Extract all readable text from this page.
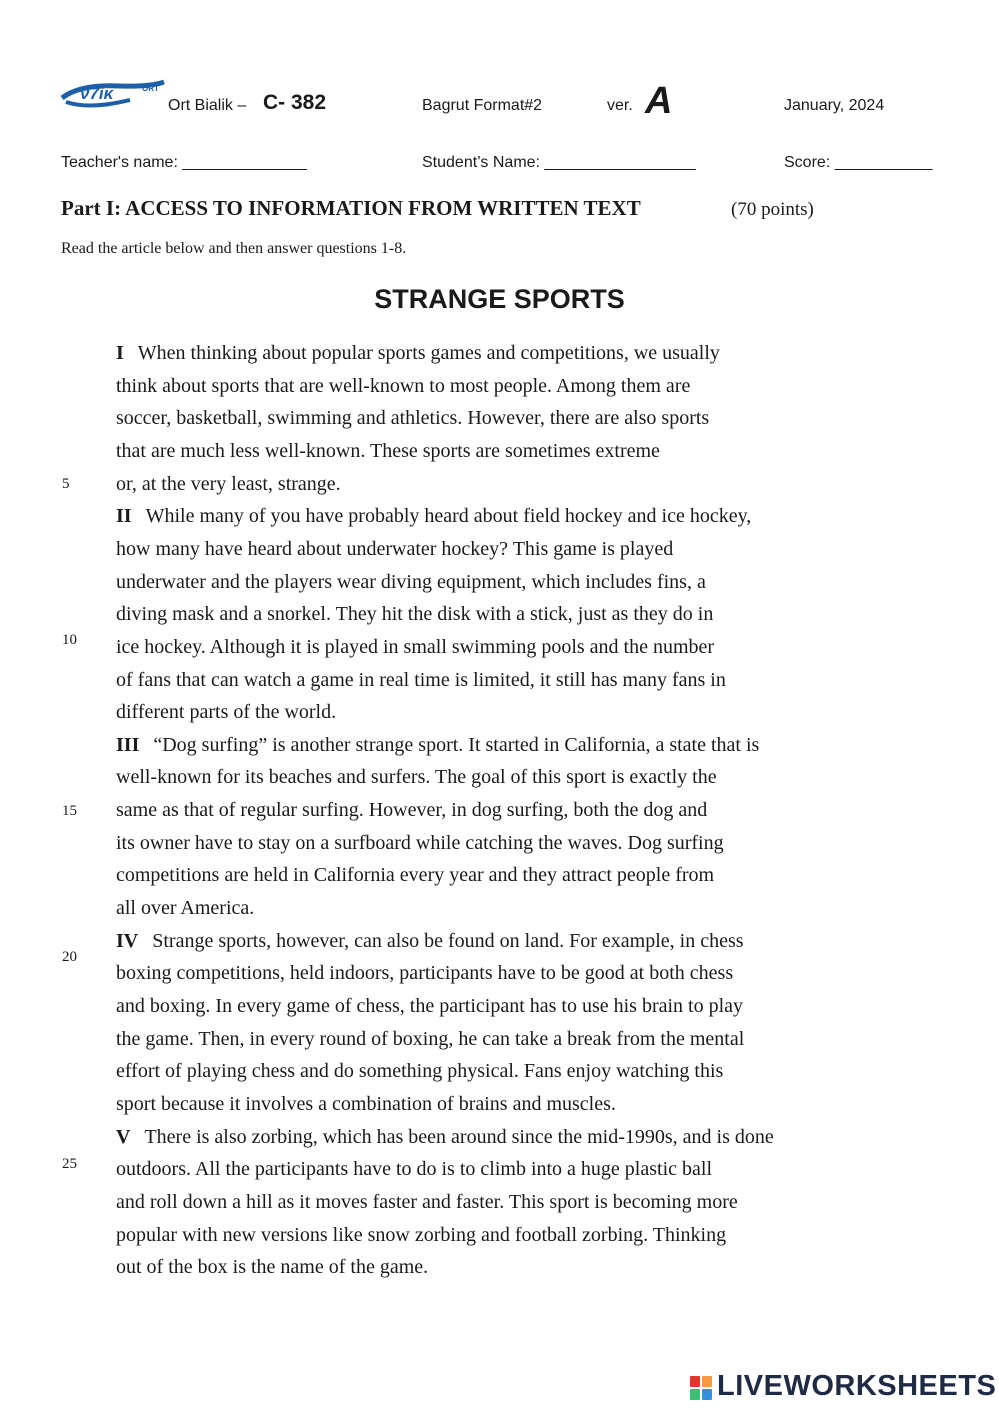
ν7iκ	ORT
Ort Bialik – C- 382	Bagrut Format#2	ver. A	January, 2024
Teacher's name: ______________	Student’s Name: _________________	Score: ___________
Part I: ACCESS TO INFORMATION FROM WRITTEN TEXT	(70 points)
Read the article below and then answer questions 1-8.
STRANGE SPORTS
I When thinking about popular sports games and competitions, we usually
think about sports that are well-known to most people. Among them are
soccer, basketball, swimming and athletics. However, there are also sports
that are much less well-known. These sports are sometimes extreme
or, at the very least, strange.
II While many of you have probably heard about field hockey and ice hockey,
how many have heard about underwater hockey? This game is played
underwater and the players wear diving equipment, which includes fins, a
diving mask and a snorkel. They hit the disk with a stick, just as they do in
ice hockey. Although it is played in small swimming pools and the number
of fans that can watch a game in real time is limited, it still has many fans in
different parts of the world.
III “Dog surfing” is another strange sport. It started in California, a state that is
well-known for its beaches and surfers. The goal of this sport is exactly the
same as that of regular surfing. However, in dog surfing, both the dog and
its owner have to stay on a surfboard while catching the waves. Dog surfing
competitions are held in California every year and they attract people from
all over America.
IV Strange sports, however, can also be found on land. For example, in chess
boxing competitions, held indoors, participants have to be good at both chess
and boxing. In every game of chess, the participant has to use his brain to play
the game. Then, in every round of boxing, he can take a break from the mental
effort of playing chess and do something physical. Fans enjoy watching this
sport because it involves a combination of brains and muscles.
V There is also zorbing, which has been around since the mid-1990s, and is done
outdoors. All the participants have to do is to climb into a huge plastic ball
and roll down a hill as it moves faster and faster. This sport is becoming more
popular with new versions like snow zorbing and football zorbing. Thinking
out of the box is the name of the game.
5
10
15
20
25
LIVEWORKSHEETS
